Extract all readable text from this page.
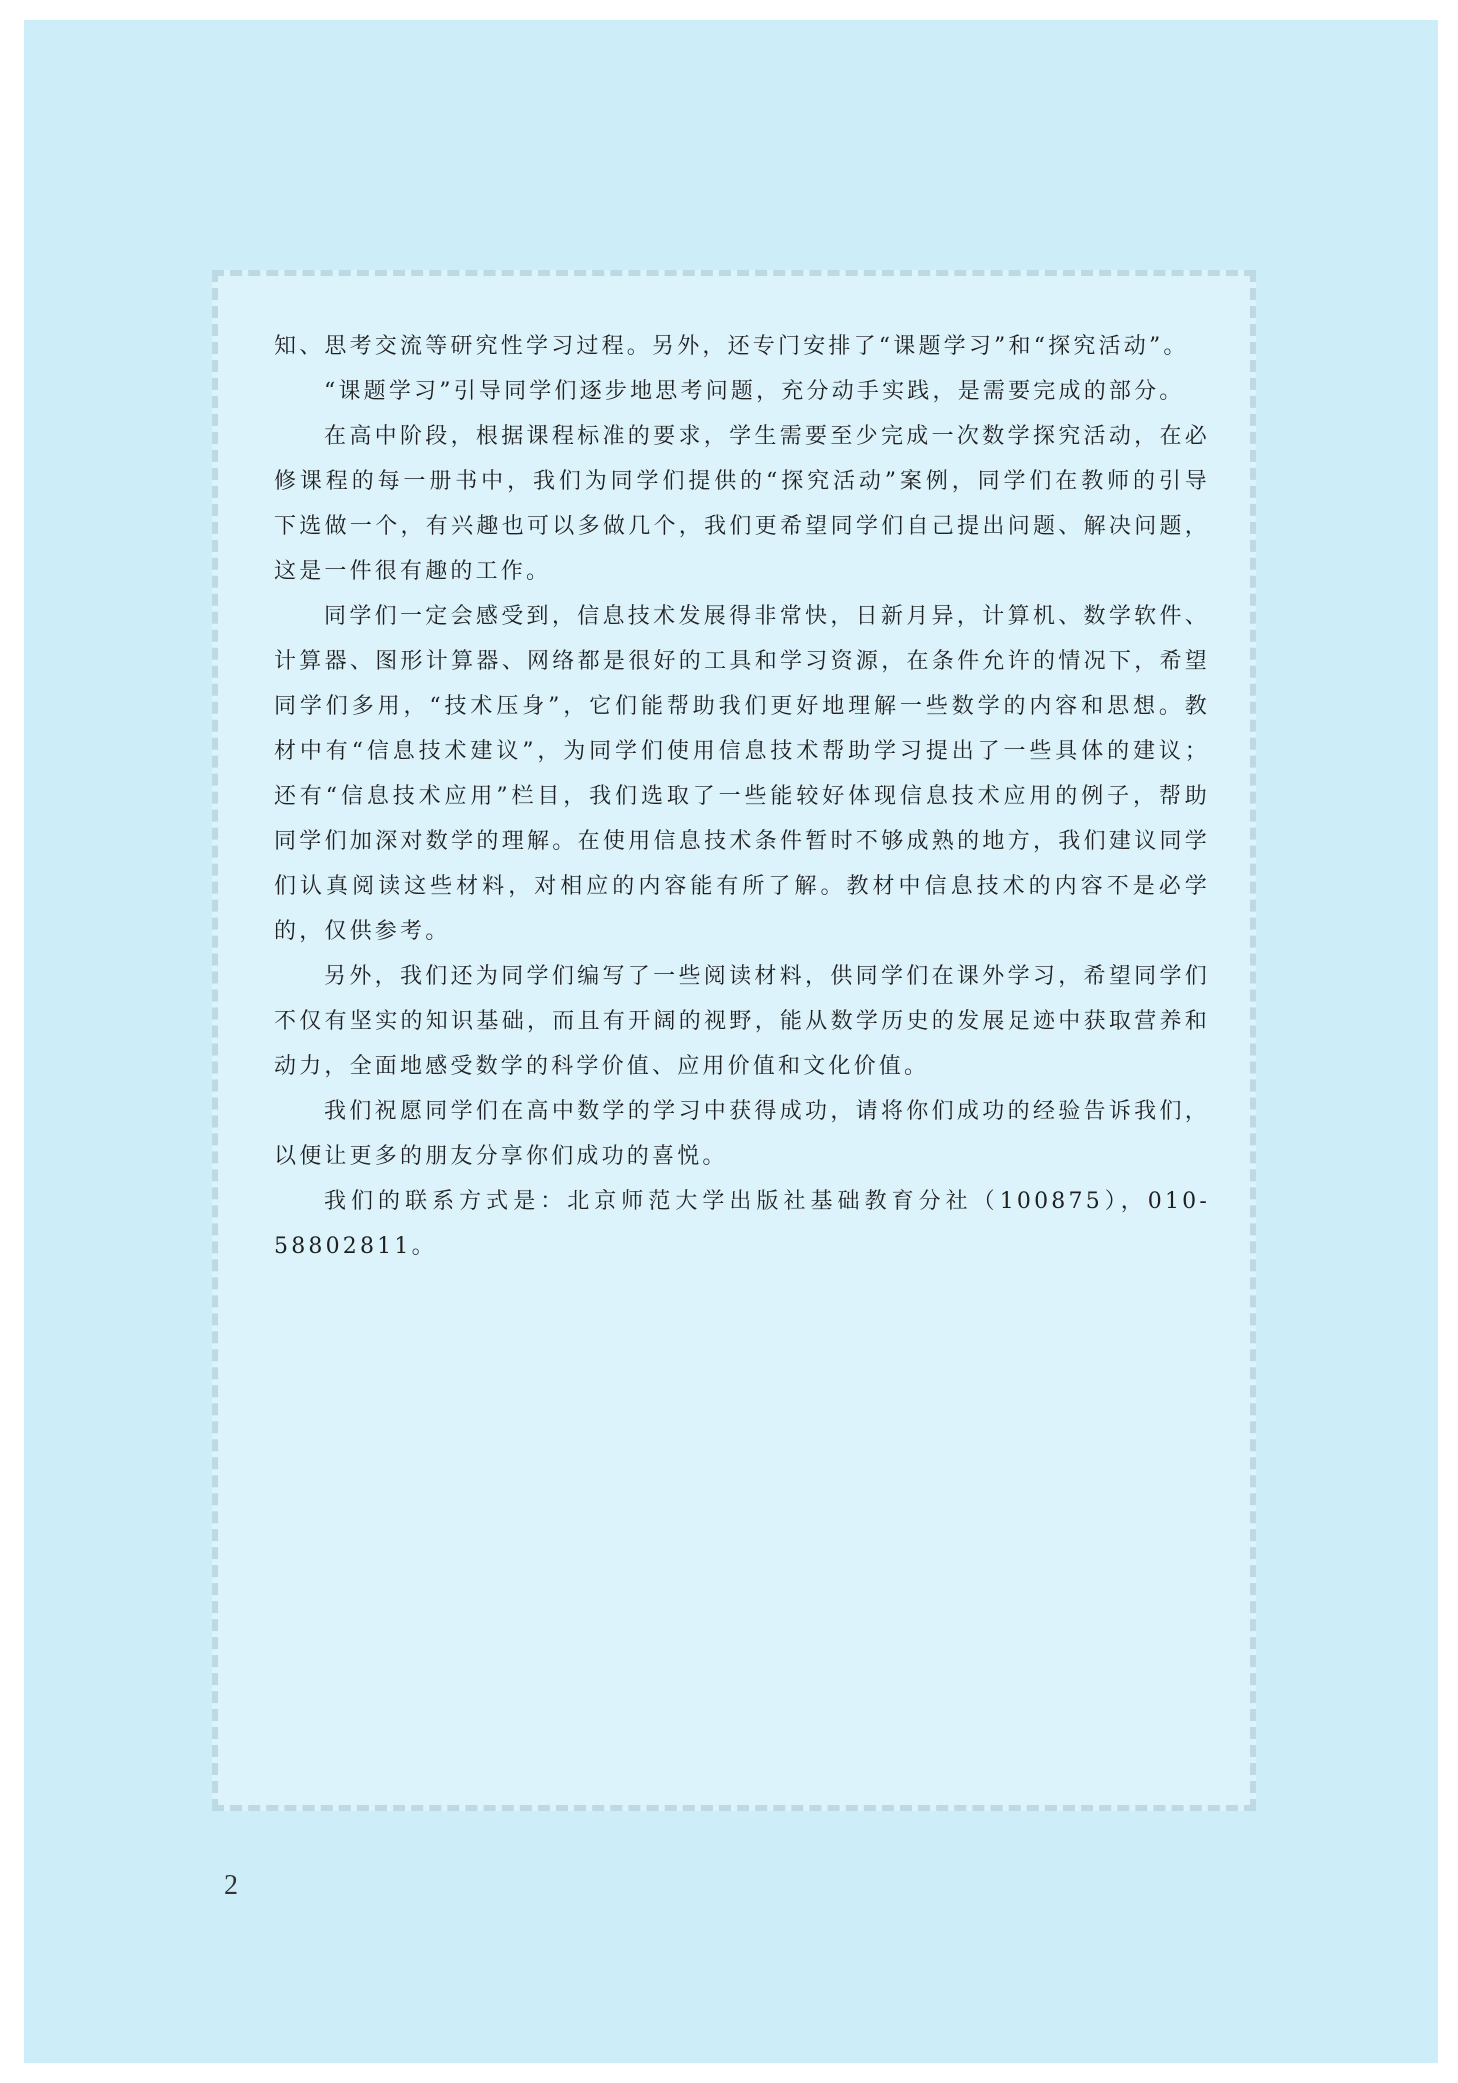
知、思考交流等研究性学习过程。另外，还专门安排了“课题学习”和“探究活动”。

“课题学习”引导同学们逐步地思考问题，充分动手实践，是需要完成的部分。

在高中阶段，根据课程标准的要求，学生需要至少完成一次数学探究活动，在必修课程的每一册书中，我们为同学们提供的“探究活动”案例，同学们在教师的引导下选做一个，有兴趣也可以多做几个，我们更希望同学们自己提出问题、解决问题，这是一件很有趣的工作。

同学们一定会感受到，信息技术发展得非常快，日新月异，计算机、数学软件、计算器、图形计算器、网络都是很好的工具和学习资源，在条件允许的情况下，希望同学们多用，“技术压身”，它们能帮助我们更好地理解一些数学的内容和思想。教材中有“信息技术建议”，为同学们使用信息技术帮助学习提出了一些具体的建议；还有“信息技术应用”栏目，我们选取了一些能较好体现信息技术应用的例子，帮助同学们加深对数学的理解。在使用信息技术条件暂时不够成熟的地方，我们建议同学们认真阅读这些材料，对相应的内容能有所了解。教材中信息技术的内容不是必学的，仅供参考。

另外，我们还为同学们编写了一些阅读材料，供同学们在课外学习，希望同学们不仅有坚实的知识基础，而且有开阔的视野，能从数学历史的发展足迹中获取营养和动力，全面地感受数学的科学价值、应用价值和文化价值。

我们祝愿同学们在高中数学的学习中获得成功，请将你们成功的经验告诉我们，以便让更多的朋友分享你们成功的喜悦。

我们的联系方式是：北京师范大学出版社基础教育分社（100875），010-58802811。

2
